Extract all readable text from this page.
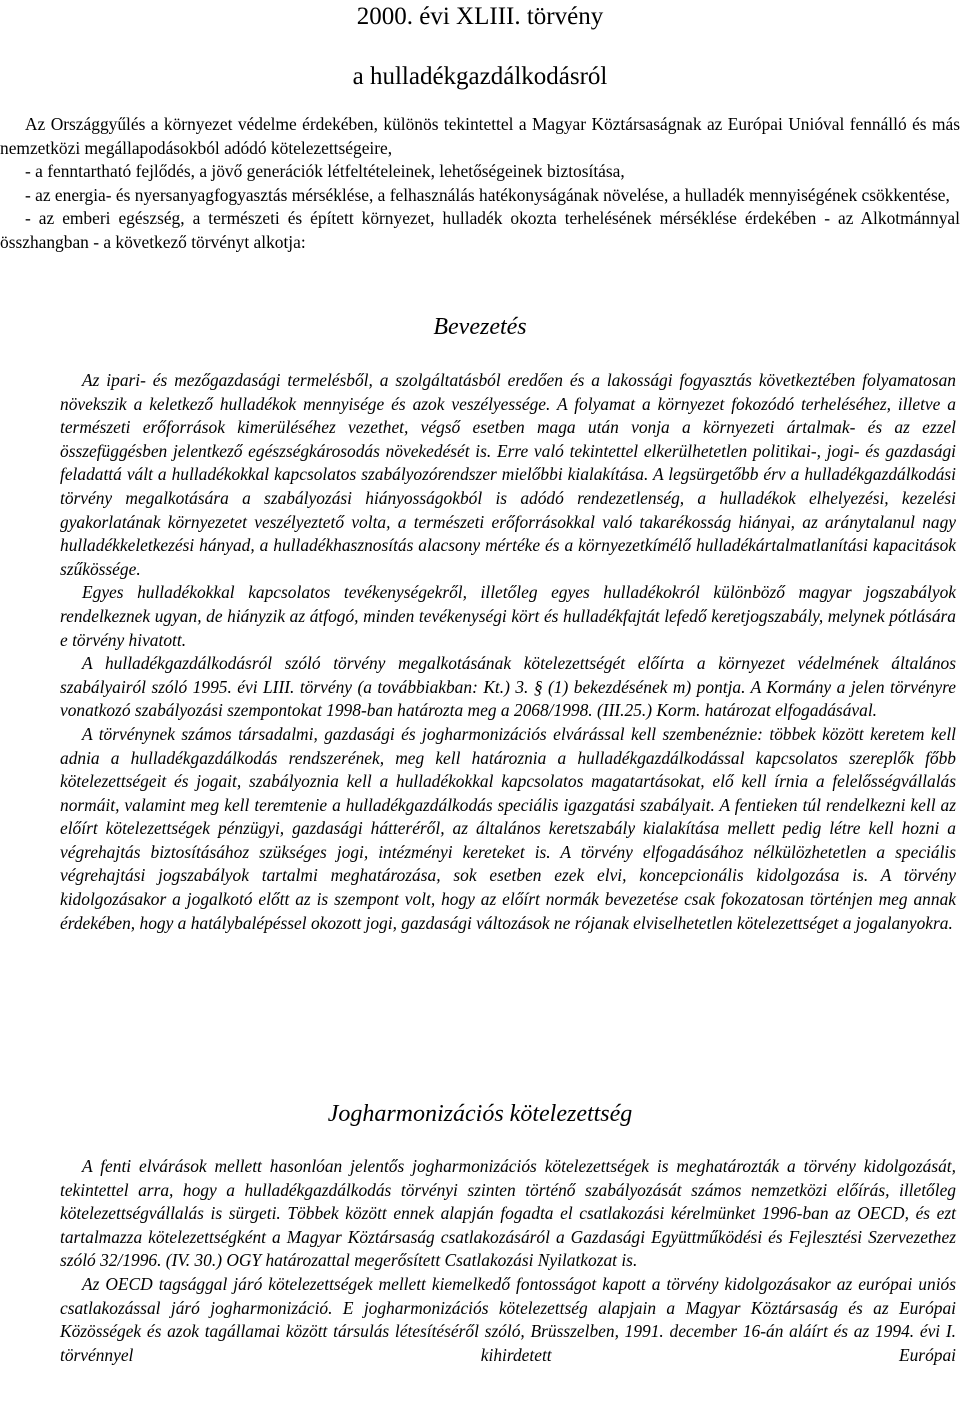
2000. évi XLIII. törvény
a hulladékgazdálkodásról

Az Országgyűlés a környezet védelme érdekében, különös tekintettel a Magyar Köztársaságnak az Európai Unióval fennálló és más nemzetközi megállapodásokból adódó kötelezettségeire,

- a fenntartható fejlődés, a jövő generációk létfeltételeinek, lehetőségeinek biztosítása,

- az energia- és nyersanyagfogyasztás mérséklése, a felhasználás hatékonyságának növelése, a hulladék mennyiségének csökkentése,

- az emberi egészség, a természeti és épített környezet, hulladék okozta terhelésének mérséklése érdekében - az Alkotmánnyal összhangban - a következő törvényt alkotja:

Bevezetés

Az ipari- és mezőgazdasági termelésből, a szolgáltatásból eredően és a lakossági fogyasztás következtében folyamatosan növekszik a keletkező hulladékok mennyisége és azok veszélyessége. A folyamat a környezet fokozódó terheléséhez, illetve a természeti erőforrások kimerüléséhez vezethet, végső esetben maga után vonja a környezeti ártalmak- és az ezzel összefüggésben jelentkező egészségkárosodás növekedését is. Erre való tekintettel elkerülhetetlen politikai-, jogi- és gazdasági feladattá vált a hulladékokkal kapcsolatos szabályozórendszer mielőbbi kialakítása. A legsürgetőbb érv a hulladékgazdálkodási törvény megalkotására a szabályozási hiányosságokból is adódó rendezetlenség, a hulladékok elhelyezési, kezelési gyakorlatának környezetet veszélyeztető volta, a természeti erőforrásokkal való takarékosság hiányai, az aránytalanul nagy hulladékkeletkezési hányad, a hulladékhasznosítás alacsony mértéke és a környezetkímélő hulladékártalmatlanítási kapacitások szűkössége.

Egyes hulladékokkal kapcsolatos tevékenységekről, illetőleg egyes hulladékokról különböző magyar jogszabályok rendelkeznek ugyan, de hiányzik az átfogó, minden tevékenységi kört és hulladékfajtát lefedő keretjogszabály, melynek pótlására e törvény hivatott.

A hulladékgazdálkodásról szóló törvény megalkotásának kötelezettségét előírta a környezet védelmének általános szabályairól szóló 1995. évi LIII. törvény (a továbbiakban: Kt.) 3. § (1) bekezdésének m) pontja. A Kormány a jelen törvényre vonatkozó szabályozási szempontokat 1998-ban határozta meg a 2068/1998. (III.25.) Korm. határozat elfogadásával.

A törvénynek számos társadalmi, gazdasági és jogharmonizációs elvárással kell szembenéznie: többek között kereteт kell adnia a hulladékgazdálkodás rendszerének, meg kell határoznia a hulladékgazdálkodással kapcsolatos szereplők főbb kötelezettségeit és jogait, szabályoznia kell a hulladékokkal kapcsolatos magatartásokat, elő kell írnia a felelősségvállalás normáit, valamint meg kell teremtenie a hulladékgazdálkodás speciális igazgatási szabályait. A fentieken túl rendelkezni kell az előírt kötelezettségek pénzügyi, gazdasági hátteréről, az általános keretszabály kialakítása mellett pedig létre kell hozni a végrehajtás biztosításához szükséges jogi, intézményi kereteket is. A törvény elfogadásához nélkülözhetetlen a speciális végrehajtási jogszabályok tartalmi meghatározása, sok esetben ezek elvi, koncepcionális kidolgozása is. A törvény kidolgozásakor a jogalkotó előtt az is szempont volt, hogy az előírt normák bevezetése csak fokozatosan történjen meg annak érdekében, hogy a hatálybalépéssel okozott jogi, gazdasági változások ne rójanak elviselhetetlen kötelezettséget a jogalanyokra.

Jogharmonizációs kötelezettség

A fenti elvárások mellett hasonlóan jelentős jogharmonizációs kötelezettségek is meghatározták a törvény kidolgozását, tekintettel arra, hogy a hulladékgazdálkodás törvényi szinten történő szabályozását számos nemzetközi előírás, illetőleg kötelezettségvállalás is sürgeti. Többek között ennek alapján fogadta el csatlakozási kérelmünket 1996-ban az OECD, és ezt tartalmazza kötelezettségként a Magyar Köztársaság csatlakozásáról a Gazdasági Együttműködési és Fejlesztési Szervezethez szóló 32/1996. (IV. 30.) OGY határozattal megerősített Csatlakozási Nyilatkozat is.

Az OECD tagsággal járó kötelezettségek mellett kiemelkedő fontosságot kapott a törvény kidolgozásakor az európai uniós csatlakozással járó jogharmonizáció. E jogharmonizációs kötelezettség alapjain a Magyar Köztársaság és az Európai Közösségek és azok tagállamai között társulás létesítéséről szóló, Brüsszelben, 1991. december 16-án aláírt és az 1994. évi I. törvénnyel kihirdetett Európai
